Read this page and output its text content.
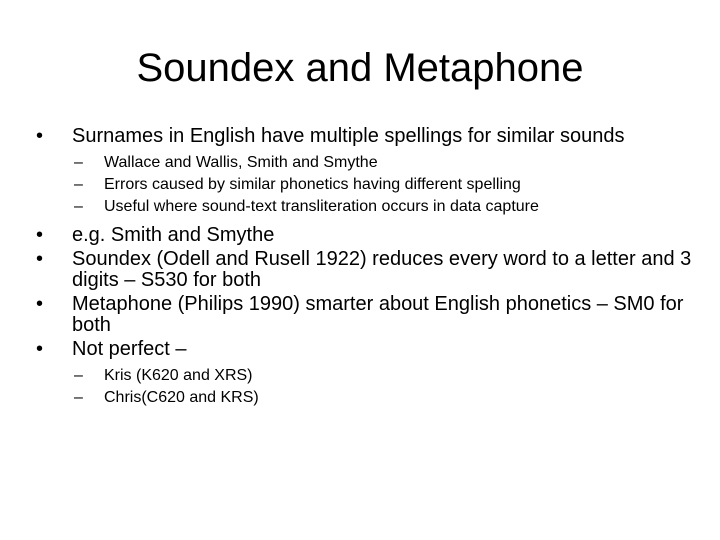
Soundex and Metaphone
• Surnames in English have multiple spellings for similar sounds
– Wallace and Wallis, Smith and Smythe
– Errors caused by similar phonetics having different spelling
– Useful where sound-text transliteration occurs in data capture
• e.g. Smith and Smythe
• Soundex (Odell and Rusell 1922) reduces every word to a letter and 3 digits – S530 for both
• Metaphone (Philips 1990) smarter about English phonetics – SM0 for both
• Not perfect –
– Kris (K620 and XRS)
– Chris(C620 and KRS)
